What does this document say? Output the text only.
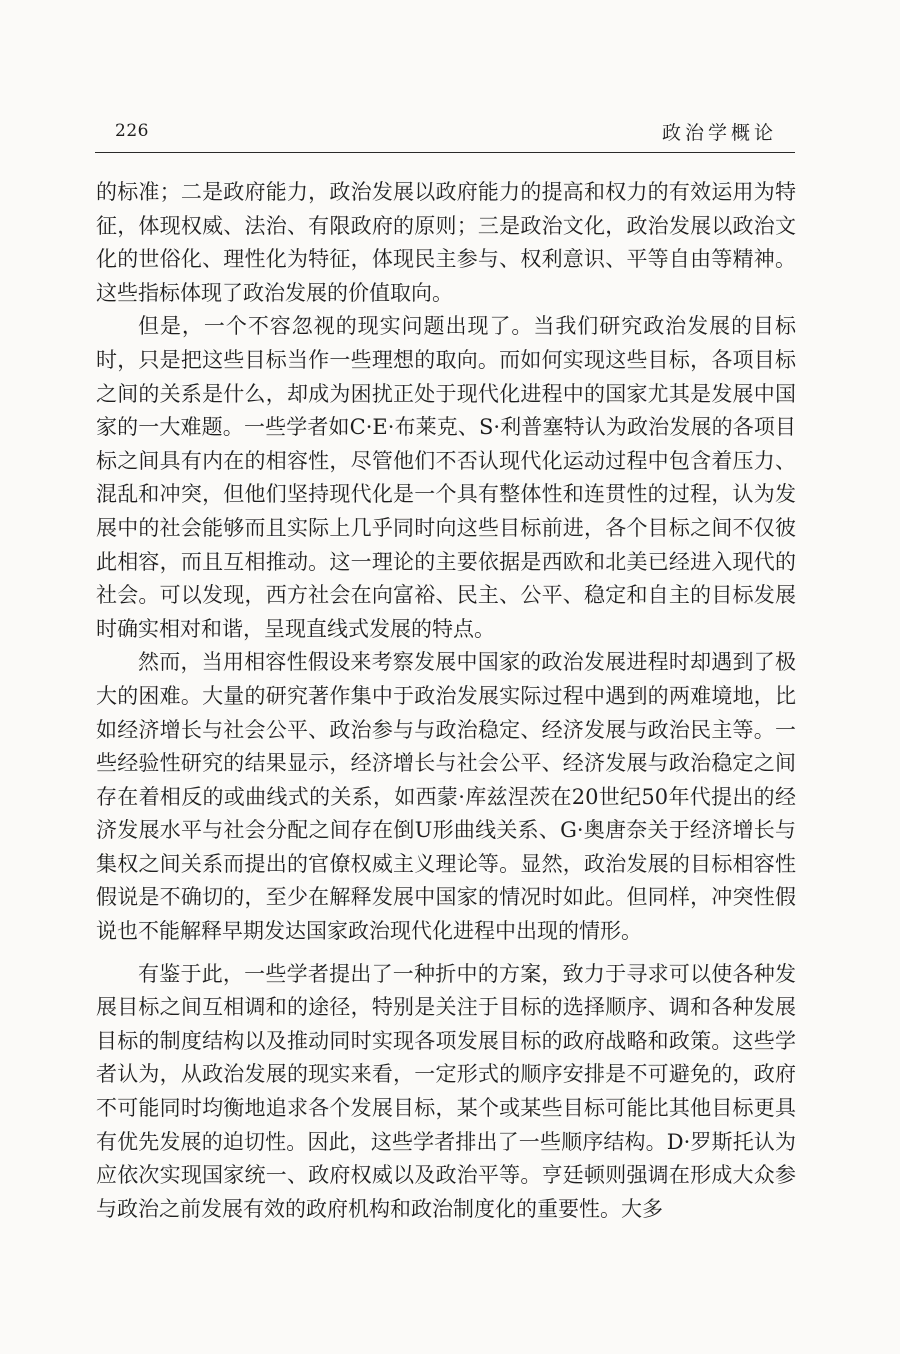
226	政治学概论

的标准；二是政府能力，政治发展以政府能力的提高和权力的有效运用为特征，体现权威、法治、有限政府的原则；三是政治文化，政治发展以政治文化的世俗化、理性化为特征，体现民主参与、权利意识、平等自由等精神。这些指标体现了政治发展的价值取向。

但是，一个不容忽视的现实问题出现了。当我们研究政治发展的目标时，只是把这些目标当作一些理想的取向。而如何实现这些目标，各项目标之间的关系是什么，却成为困扰正处于现代化进程中的国家尤其是发展中国家的一大难题。一些学者如C·E·布莱克、S·利普塞特认为政治发展的各项目标之间具有内在的相容性，尽管他们不否认现代化运动过程中包含着压力、混乱和冲突，但他们坚持现代化是一个具有整体性和连贯性的过程，认为发展中的社会能够而且实际上几乎同时向这些目标前进，各个目标之间不仅彼此相容，而且互相推动。这一理论的主要依据是西欧和北美已经进入现代的社会。可以发现，西方社会在向富裕、民主、公平、稳定和自主的目标发展时确实相对和谐，呈现直线式发展的特点。

然而，当用相容性假设来考察发展中国家的政治发展进程时却遇到了极大的困难。大量的研究著作集中于政治发展实际过程中遇到的两难境地，比如经济增长与社会公平、政治参与与政治稳定、经济发展与政治民主等。一些经验性研究的结果显示，经济增长与社会公平、经济发展与政治稳定之间存在着相反的或曲线式的关系，如西蒙·库兹涅茨在20世纪50年代提出的经济发展水平与社会分配之间存在倒U形曲线关系、G·奥唐奈关于经济增长与集权之间关系而提出的官僚权威主义理论等。显然，政治发展的目标相容性假说是不确切的，至少在解释发展中国家的情况时如此。但同样，冲突性假说也不能解释早期发达国家政治现代化进程中出现的情形。

有鉴于此，一些学者提出了一种折中的方案，致力于寻求可以使各种发展目标之间互相调和的途径，特别是关注于目标的选择顺序、调和各种发展目标的制度结构以及推动同时实现各项发展目标的政府战略和政策。这些学者认为，从政治发展的现实来看，一定形式的顺序安排是不可避免的，政府不可能同时均衡地追求各个发展目标，某个或某些目标可能比其他目标更具有优先发展的迫切性。因此，这些学者排出了一些顺序结构。D·罗斯托认为应依次实现国家统一、政府权威以及政治平等。亨廷顿则强调在形成大众参与政治之前发展有效的政府机构和政治制度化的重要性。大多
